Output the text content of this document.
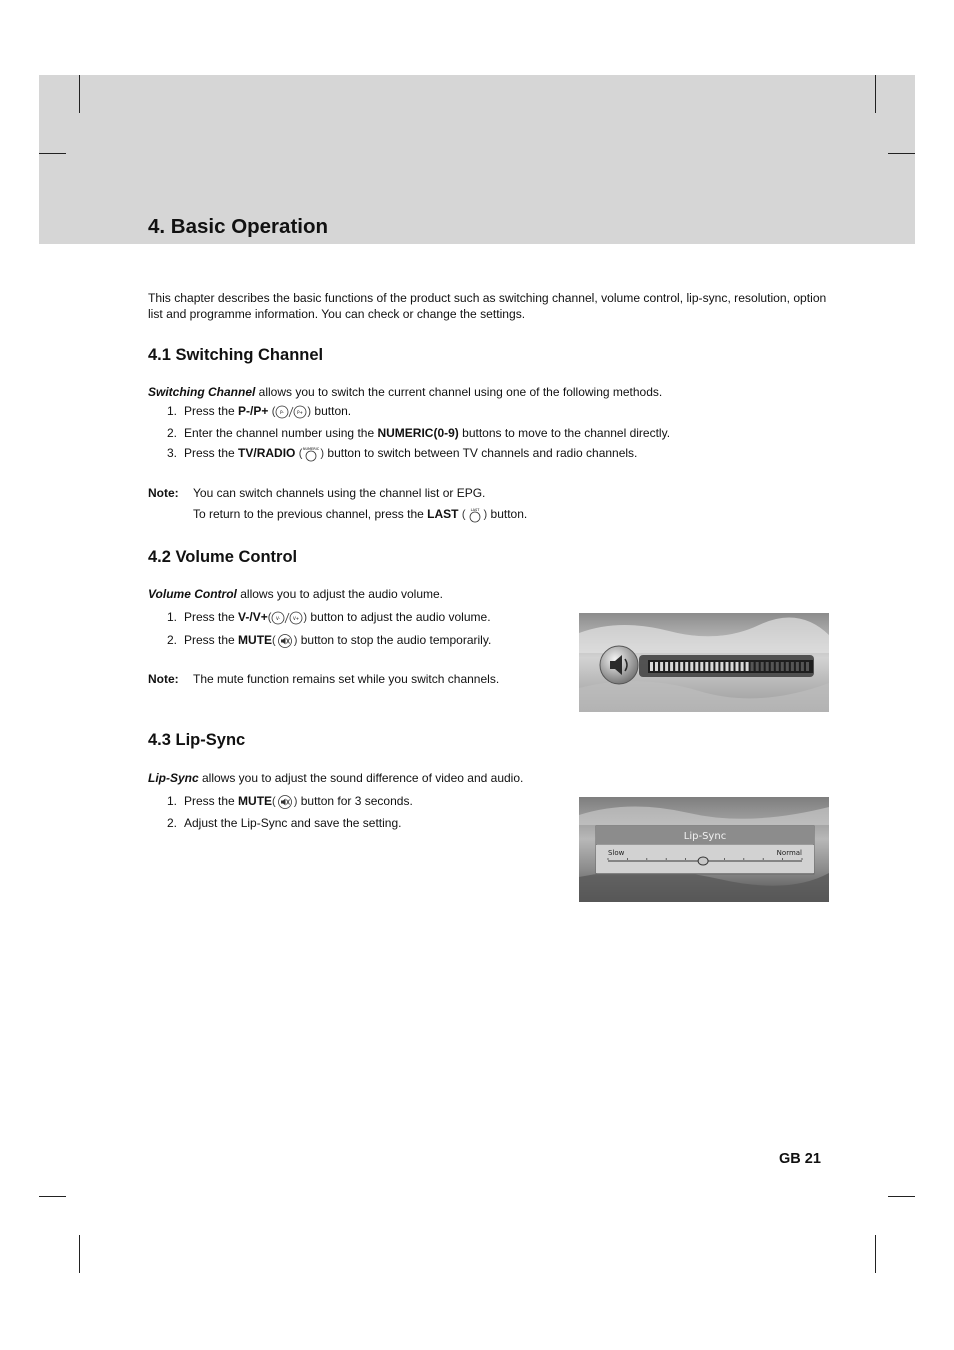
4. Basic Operation

This chapter describes the basic functions of the product such as switching channel, volume control, lip-sync, resolution, option list and programme information. You can check or change the settings.

4.1 Switching Channel

Switching Channel allows you to switch the current channel using one of the following methods.

1. Press the P-/P+ ( P-	P+ ) button.

2. Enter the channel number using the NUMERIC(0-9) buttons to move to the channel directly.

3. Press the TV/RADIO ( NUMERIC ) button to switch between TV channels and radio channels.

Note: You can switch channels using the channel list or EPG.

To return to the previous channel, press the LAST ( LAST ) button.

4.2 Volume Control

Volume Control allows you to adjust the audio volume.

1. Press the V-/V+( V-	V+ ) button to adjust the audio volume.

2. Press the MUTE( ) button to stop the audio temporarily.

Note: The mute function remains set while you switch channels.

4.3 Lip-Sync

Lip-Sync allows you to adjust the sound difference of video and audio.

1. Press the MUTE( ) button for 3 seconds.

2. Adjust the Lip-Sync and save the setting.

Lip-Sync
Slow	Normal
GB 21
